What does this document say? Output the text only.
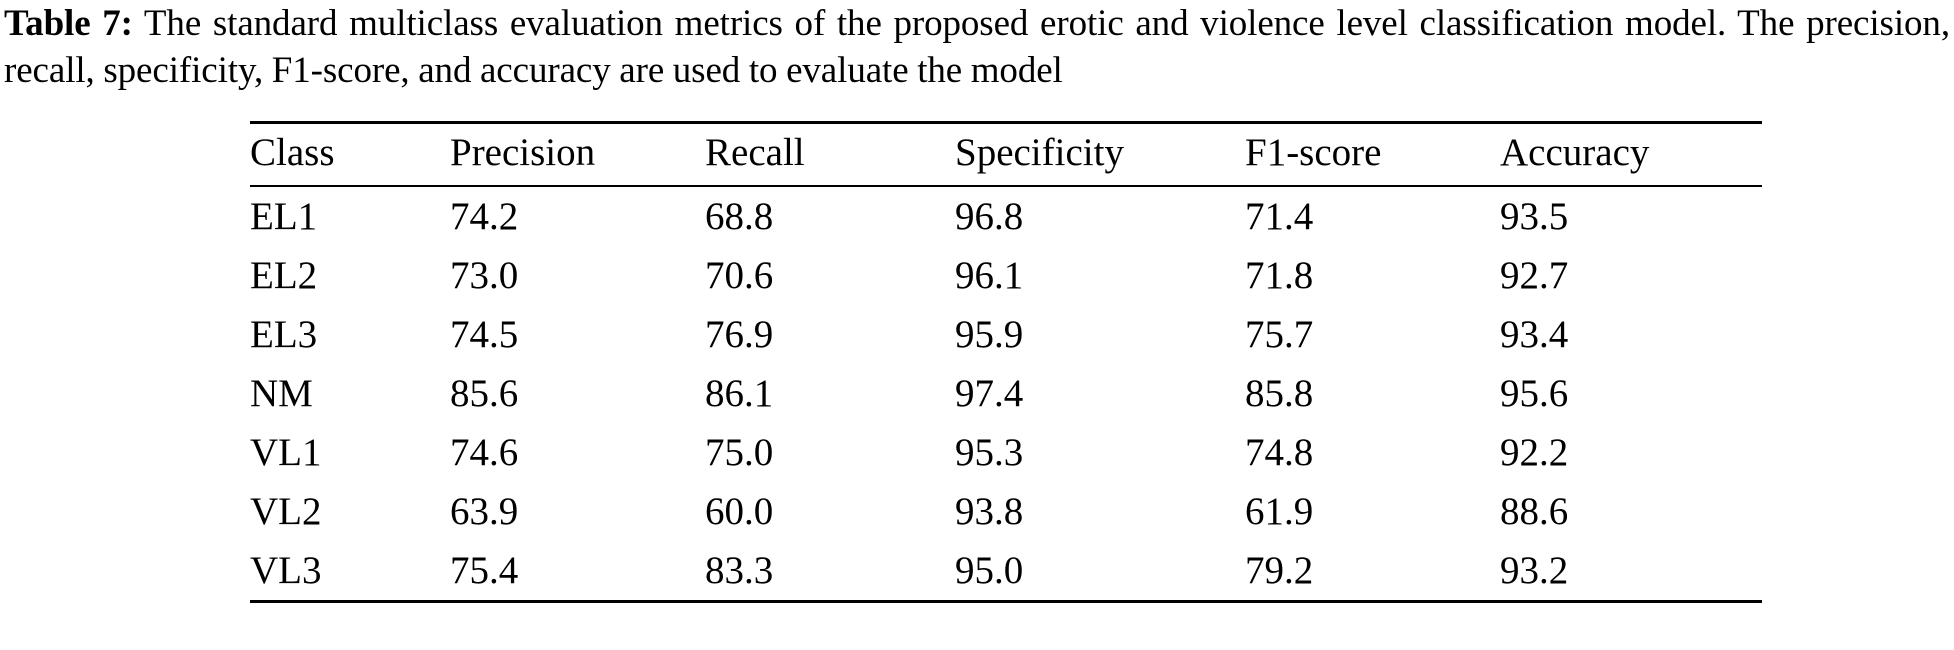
Table 7: The standard multiclass evaluation metrics of the proposed erotic and violence level classification model. The precision, recall, specificity, F1-score, and accuracy are used to evaluate the model
Class	Precision	Recall	Specificity	F1-score	Accuracy
EL1	74.2	68.8	96.8	71.4	93.5
EL2	73.0	70.6	96.1	71.8	92.7
EL3	74.5	76.9	95.9	75.7	93.4
NM	85.6	86.1	97.4	85.8	95.6
VL1	74.6	75.0	95.3	74.8	92.2
VL2	63.9	60.0	93.8	61.9	88.6
VL3	75.4	83.3	95.0	79.2	93.2
